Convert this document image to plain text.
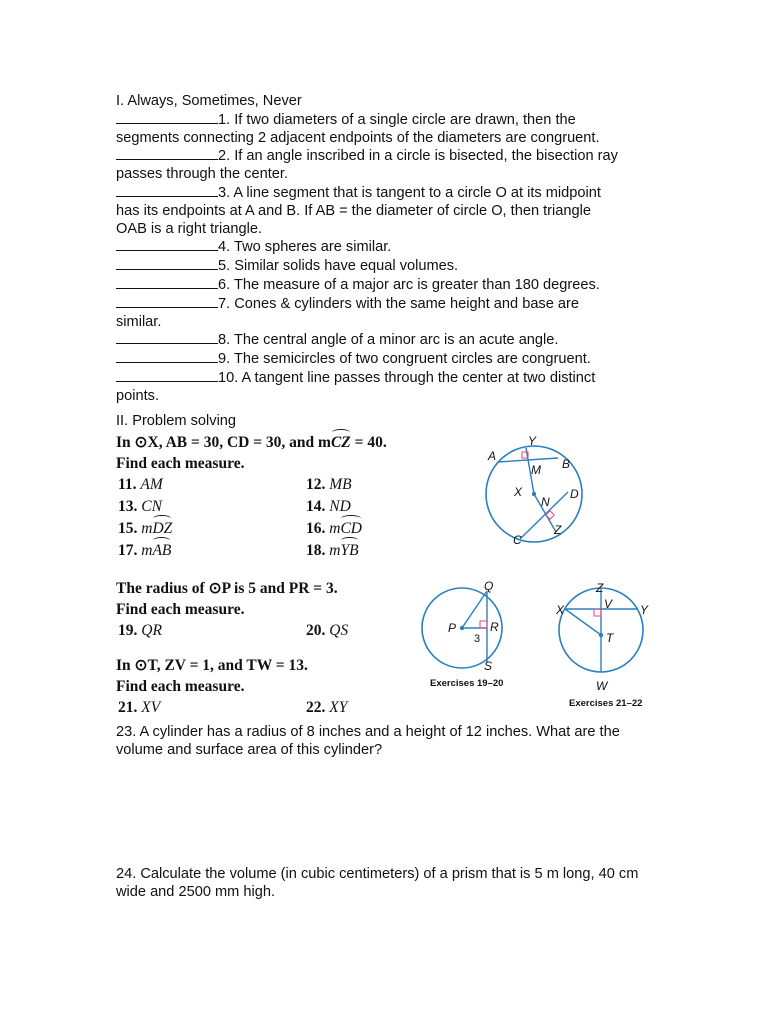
I. Always, Sometimes, Never
1. If two diameters of a single circle are drawn, then the
segments connecting 2 adjacent endpoints of the diameters are congruent.
2. If an angle inscribed in a circle is bisected, the bisection ray
passes through the center.
3. A line segment that is tangent to a circle O at its midpoint
has its endpoints at A and B. If AB = the diameter of circle O, then triangle
OAB is a right triangle.
4. Two spheres are similar.
5. Similar solids have equal volumes.
6. The measure of a major arc is greater than 180 degrees.
7. Cones & cylinders with the same height and base are
similar.
8. The central angle of a minor arc is an acute angle.
9. The semicircles of two congruent circles are congruent.
10. A tangent line passes through the center at two distinct
points.
II. Problem solving
In ⊙X, AB = 30, CD = 30, and mCZ = 40.
Find each measure.
11. AM	12. MB
13. CN	14. ND
15. mDZ	16. mCD
17. mAB	18. mYB
The radius of ⊙P is 5 and PR = 3.
Find each measure.
19. QR	20. QS
In ⊙T, ZV = 1, and TW = 13.
Find each measure.
21. XV	22. XY
A
Y
B
M
X
N
D
Z
C
Q
P	R
3
S
Exercises 19–20
Z
X	V Y
T
W
Exercises 21–22
23. A cylinder has a radius of 8 inches and a height of 12 inches. What are the volume and surface area of this cylinder?
24. Calculate the volume (in cubic centimeters) of a prism that is 5 m long, 40 cm wide and 2500 mm high.
